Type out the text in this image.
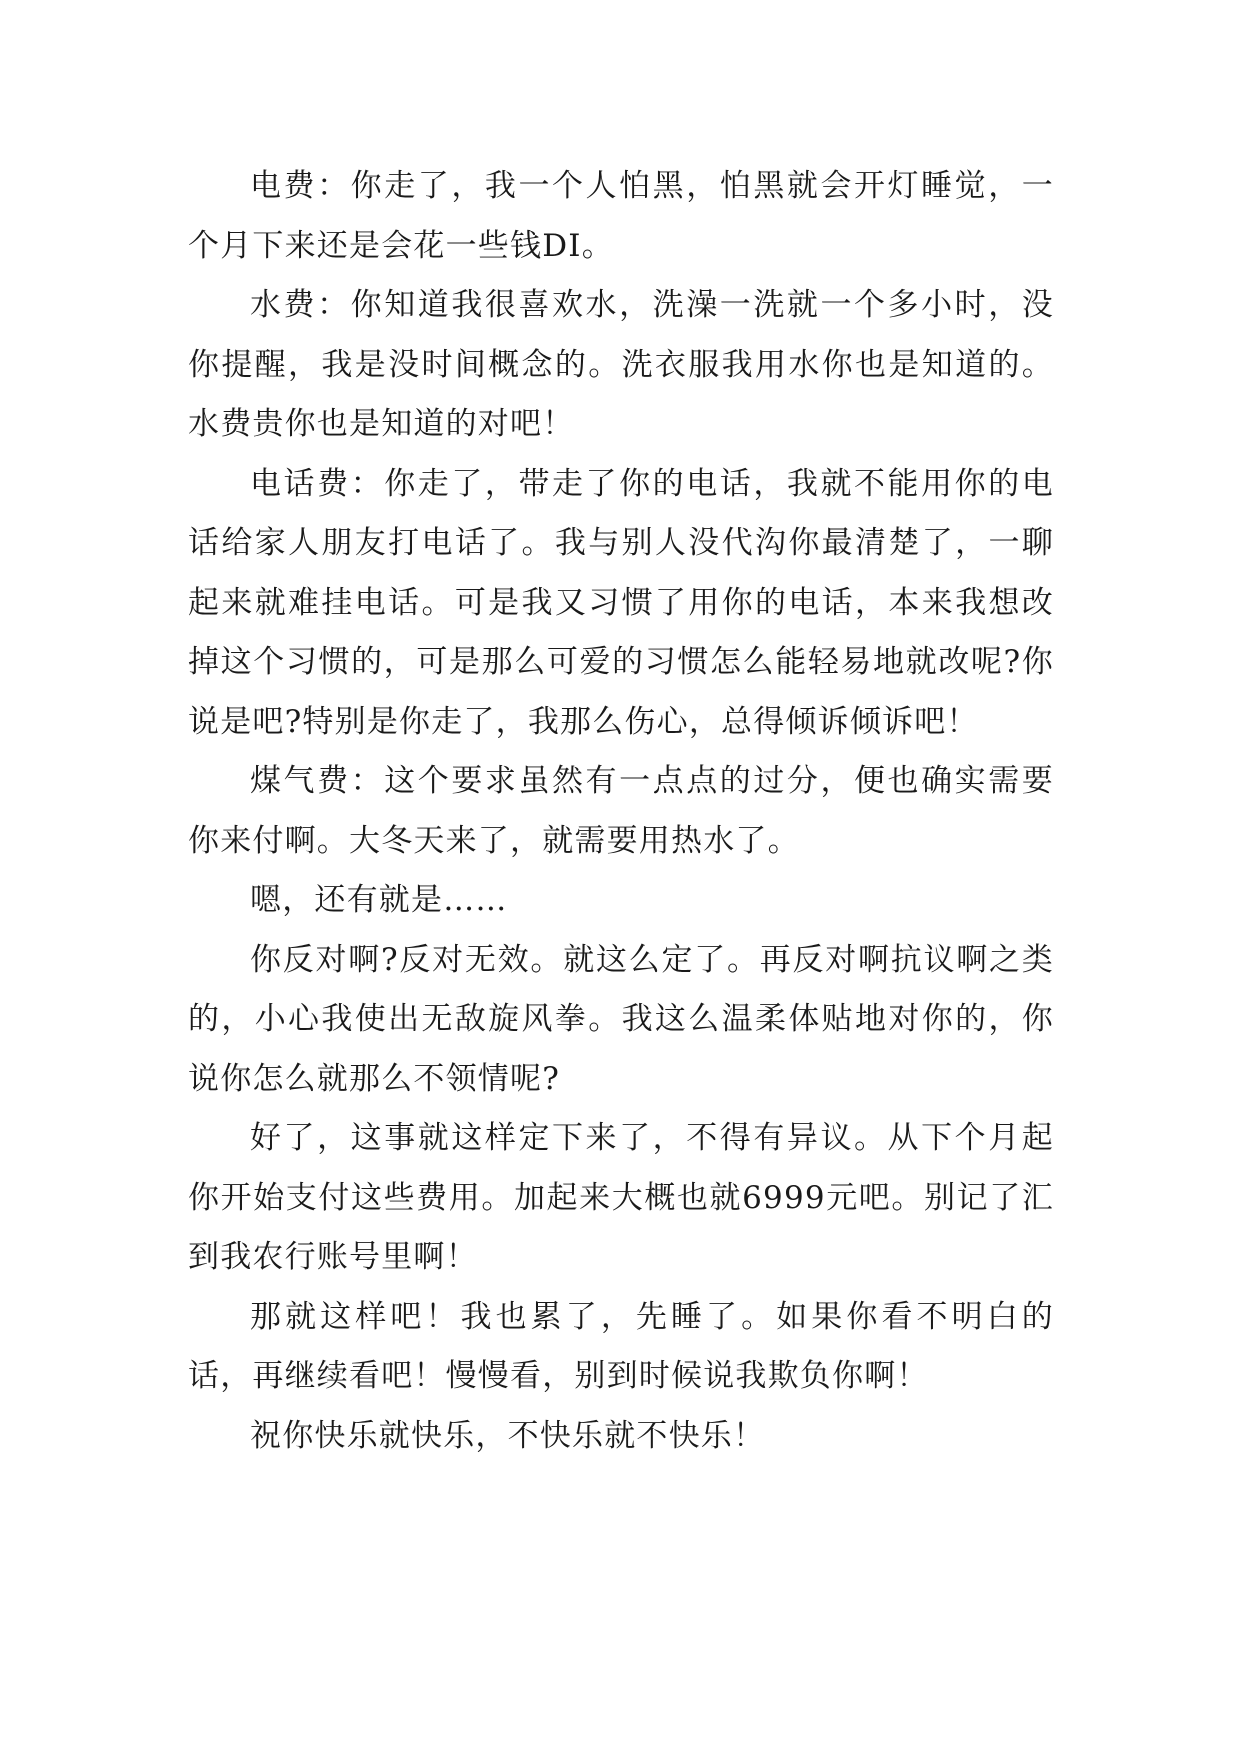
电费：你走了，我一个人怕黑，怕黑就会开灯睡觉，一个月下来还是会花一些钱DI。

水费：你知道我很喜欢水，洗澡一洗就一个多小时，没你提醒，我是没时间概念的。洗衣服我用水你也是知道的。水费贵你也是知道的对吧！

电话费：你走了，带走了你的电话，我就不能用你的电话给家人朋友打电话了。我与别人没代沟你最清楚了，一聊起来就难挂电话。可是我又习惯了用你的电话，本来我想改掉这个习惯的，可是那么可爱的习惯怎么能轻易地就改呢?你说是吧?特别是你走了，我那么伤心，总得倾诉倾诉吧！

煤气费：这个要求虽然有一点点的过分，便也确实需要你来付啊。大冬天来了，就需要用热水了。

嗯，还有就是……

你反对啊?反对无效。就这么定了。再反对啊抗议啊之类的，小心我使出无敌旋风拳。我这么温柔体贴地对你的，你说你怎么就那么不领情呢?

好了，这事就这样定下来了，不得有异议。从下个月起你开始支付这些费用。加起来大概也就6999元吧。别记了汇到我农行账号里啊！

那就这样吧！我也累了，先睡了。如果你看不明白的话，再继续看吧！慢慢看，别到时候说我欺负你啊！

祝你快乐就快乐，不快乐就不快乐！
